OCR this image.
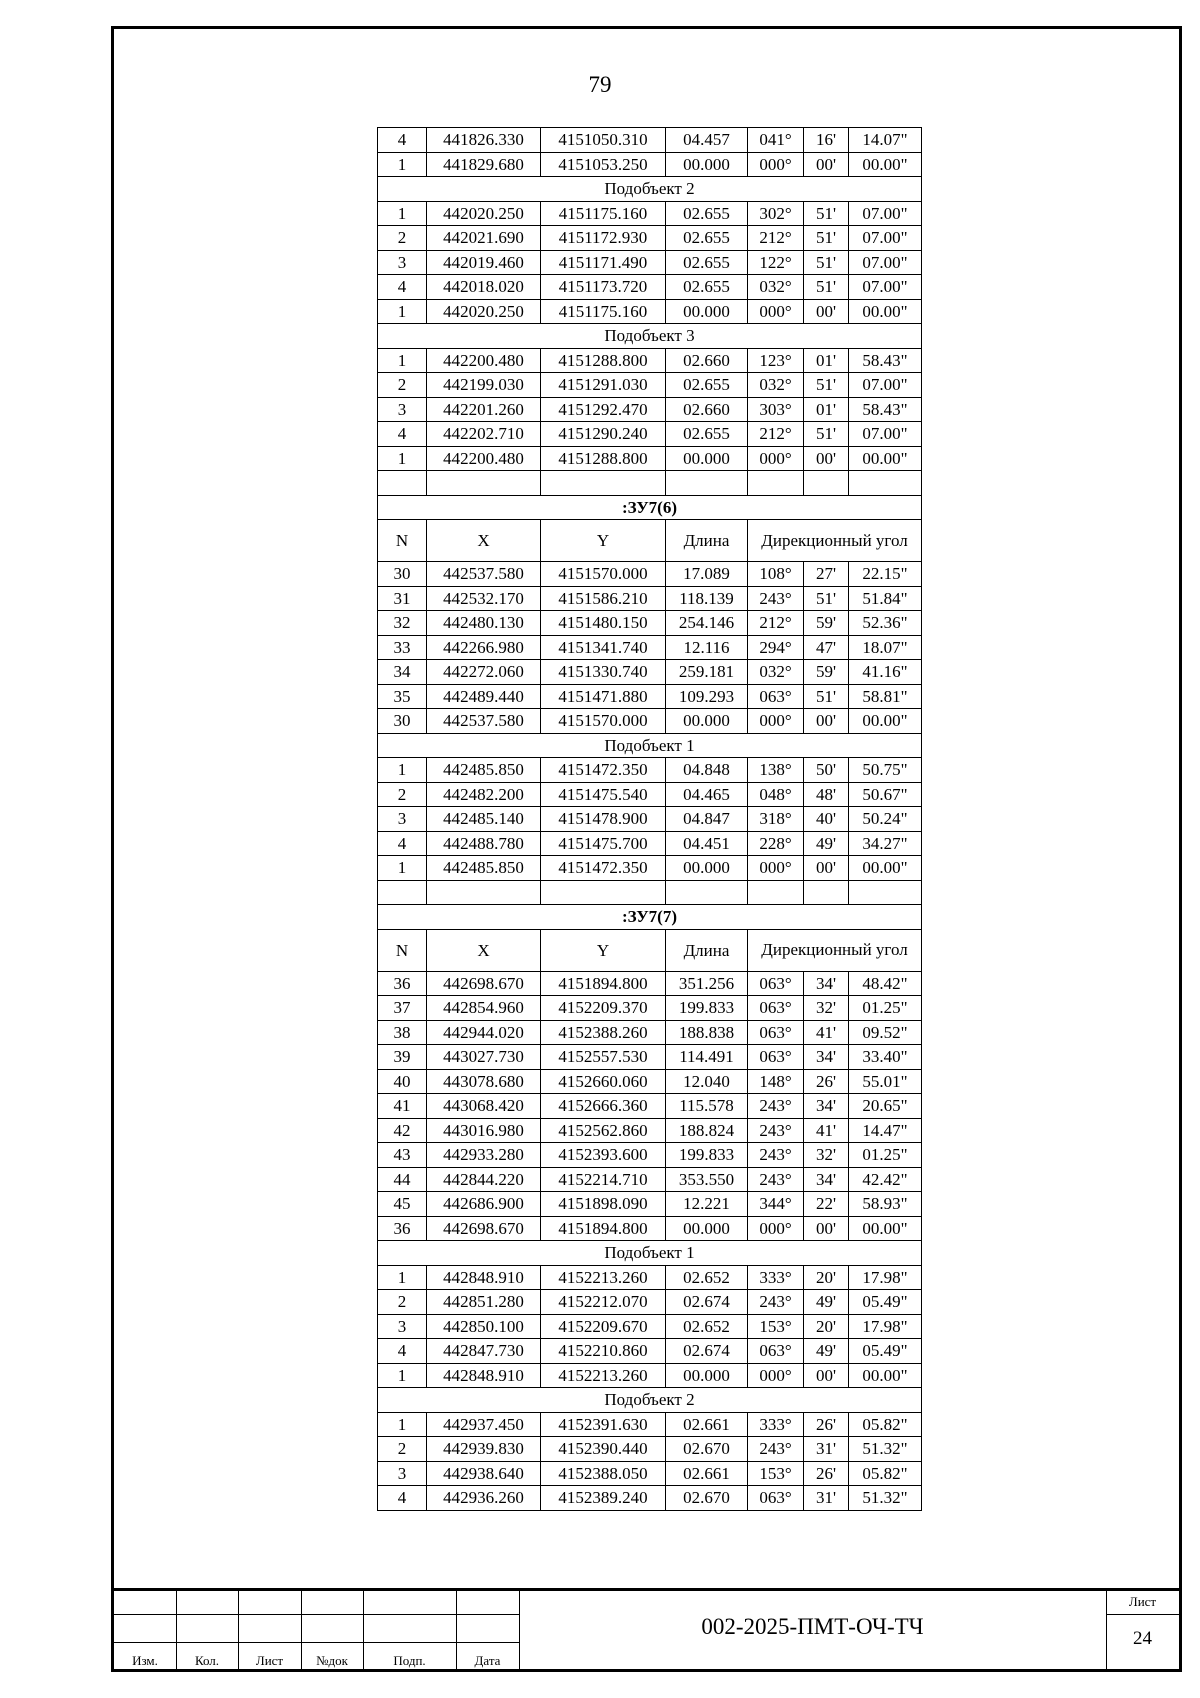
79
4	441826.330	4151050.310	04.457	041°	16'	14.07"
1	441829.680	4151053.250	00.000	000°	00'	00.00"
Подобъект 2						
1	442020.250	4151175.160	02.655	302°	51'	07.00"
2	442021.690	4151172.930	02.655	212°	51'	07.00"
3	442019.460	4151171.490	02.655	122°	51'	07.00"
4	442018.020	4151173.720	02.655	032°	51'	07.00"
1	442020.250	4151175.160	00.000	000°	00'	00.00"
Подобъект 3						
1	442200.480	4151288.800	02.660	123°	01'	58.43"
2	442199.030	4151291.030	02.655	032°	51'	07.00"
3	442201.260	4151292.470	02.660	303°	01'	58.43"
4	442202.710	4151290.240	02.655	212°	51'	07.00"
1	442200.480	4151288.800	00.000	000°	00'	00.00"

:ЗУ7(6)						
N	X	Y	Длина	Дирекционный угол		
30	442537.580	4151570.000	17.089	108°	27'	22.15"
31	442532.170	4151586.210	118.139	243°	51'	51.84"
32	442480.130	4151480.150	254.146	212°	59'	52.36"
33	442266.980	4151341.740	12.116	294°	47'	18.07"
34	442272.060	4151330.740	259.181	032°	59'	41.16"
35	442489.440	4151471.880	109.293	063°	51'	58.81"
30	442537.580	4151570.000	00.000	000°	00'	00.00"
Подобъект 1						
1	442485.850	4151472.350	04.848	138°	50'	50.75"
2	442482.200	4151475.540	04.465	048°	48'	50.67"
3	442485.140	4151478.900	04.847	318°	40'	50.24"
4	442488.780	4151475.700	04.451	228°	49'	34.27"
1	442485.850	4151472.350	00.000	000°	00'	00.00"

:ЗУ7(7)						
N	X	Y	Длина	Дирекционный угол		
36	442698.670	4151894.800	351.256	063°	34'	48.42"
37	442854.960	4152209.370	199.833	063°	32'	01.25"
38	442944.020	4152388.260	188.838	063°	41'	09.52"
39	443027.730	4152557.530	114.491	063°	34'	33.40"
40	443078.680	4152660.060	12.040	148°	26'	55.01"
41	443068.420	4152666.360	115.578	243°	34'	20.65"
42	443016.980	4152562.860	188.824	243°	41'	14.47"
43	442933.280	4152393.600	199.833	243°	32'	01.25"
44	442844.220	4152214.710	353.550	243°	34'	42.42"
45	442686.900	4151898.090	12.221	344°	22'	58.93"
36	442698.670	4151894.800	00.000	000°	00'	00.00"
Подобъект 1						
1	442848.910	4152213.260	02.652	333°	20'	17.98"
2	442851.280	4152212.070	02.674	243°	49'	05.49"
3	442850.100	4152209.670	02.652	153°	20'	17.98"
4	442847.730	4152210.860	02.674	063°	49'	05.49"
1	442848.910	4152213.260	00.000	000°	00'	00.00"
Подобъект 2						
1	442937.450	4152391.630	02.661	333°	26'	05.82"
2	442939.830	4152390.440	02.670	243°	31'	51.32"
3	442938.640	4152388.050	02.661	153°	26'	05.82"
4	442936.260	4152389.240	02.670	063°	31'	51.32"
Изм.	Кол.	Лист	№док	Подп.	Дата
002-2025-ПМТ-ОЧ-ТЧ
Лист
24
